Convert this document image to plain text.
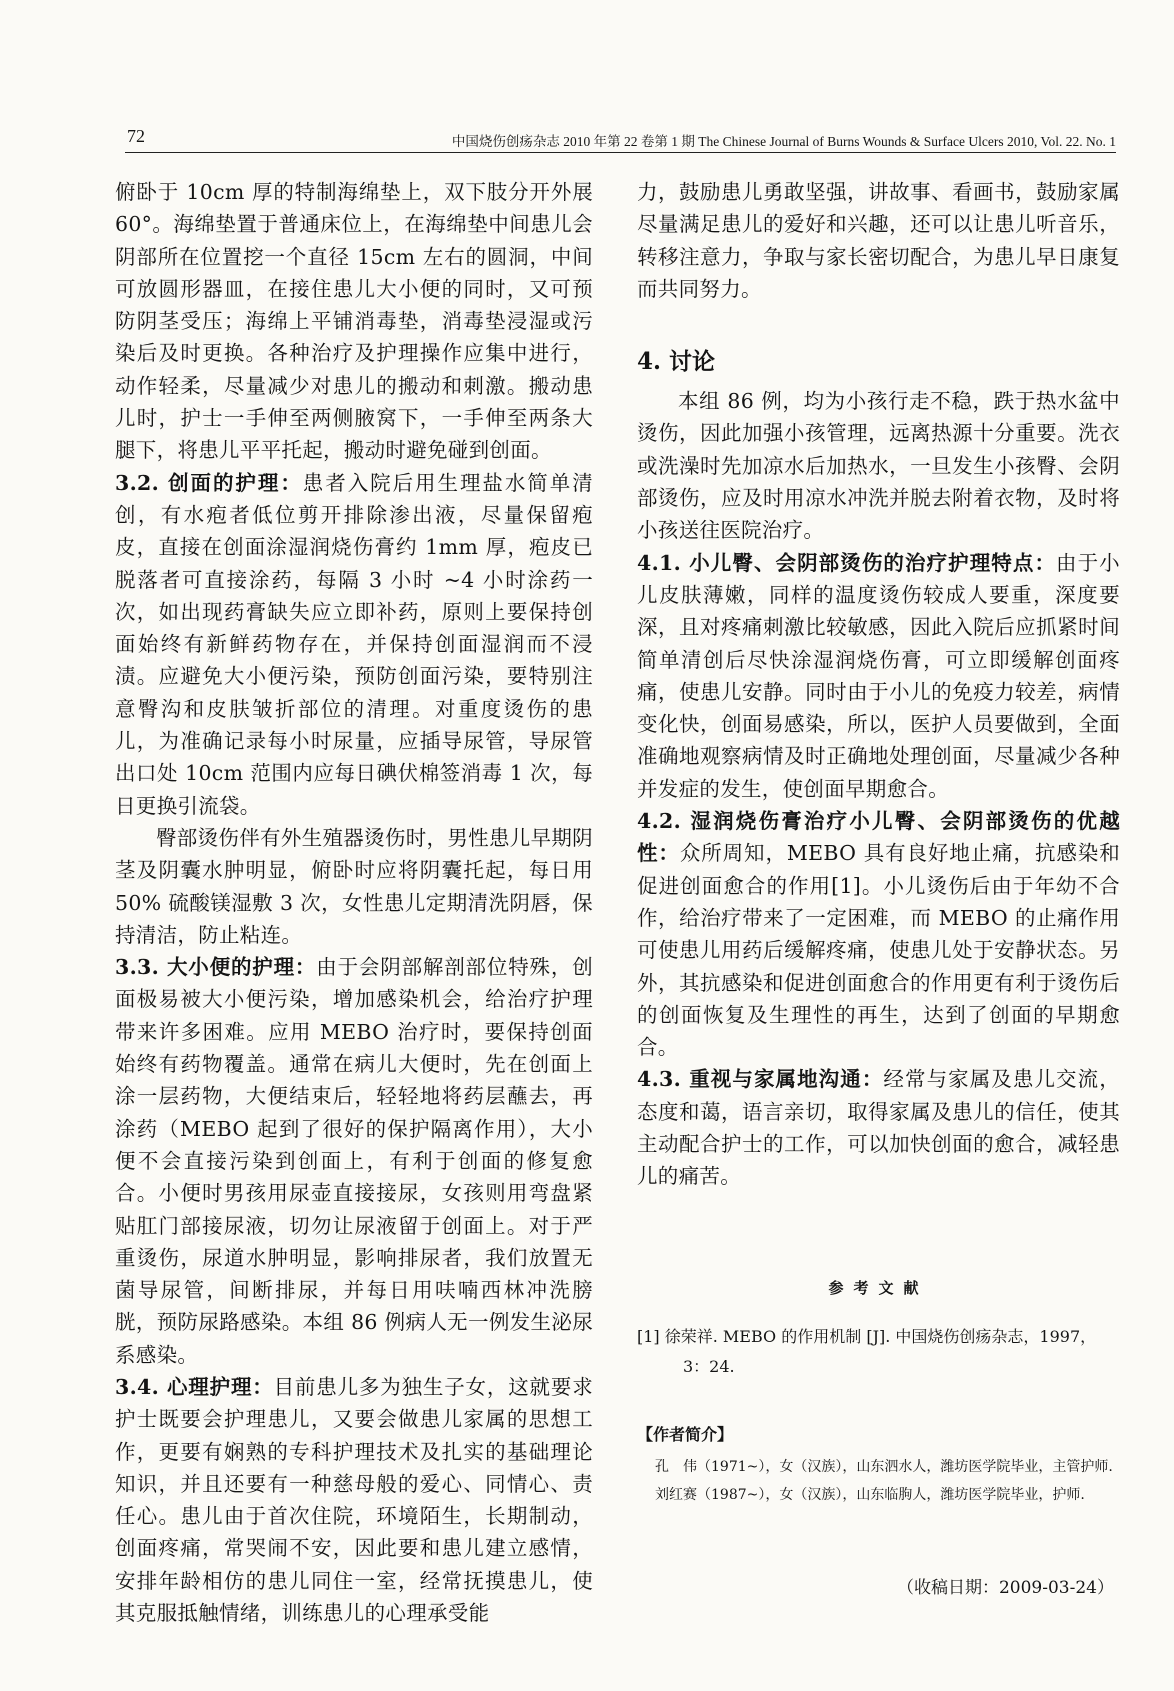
72	中国烧伤创疡杂志 2010 年第 22 卷第 1 期 The Chinese Journal of Burns Wounds & Surface Ulcers 2010, Vol. 22. No. 1

俯卧于 10cm 厚的特制海绵垫上，双下肢分开外展 60°。海绵垫置于普通床位上，在海绵垫中间患儿会阴部所在位置挖一个直径 15cm 左右的圆洞，中间可放圆形器皿，在接住患儿大小便的同时，又可预防阴茎受压；海绵上平铺消毒垫，消毒垫浸湿或污染后及时更换。各种治疗及护理操作应集中进行，动作轻柔，尽量减少对患儿的搬动和刺激。搬动患儿时，护士一手伸至两侧腋窝下，一手伸至两条大腿下，将患儿平平托起，搬动时避免碰到创面。

3.2. 创面的护理：患者入院后用生理盐水简单清创，有水疱者低位剪开排除渗出液，尽量保留疱皮，直接在创面涂湿润烧伤膏约 1mm 厚，疱皮已脱落者可直接涂药，每隔 3 小时 ~4 小时涂药一次，如出现药膏缺失应立即补药，原则上要保持创面始终有新鲜药物存在，并保持创面湿润而不浸渍。应避免大小便污染，预防创面污染，要特别注意臀沟和皮肤皱折部位的清理。对重度烫伤的患儿，为准确记录每小时尿量，应插导尿管，导尿管出口处 10cm 范围内应每日碘伏棉签消毒 1 次，每日更换引流袋。

臀部烫伤伴有外生殖器烫伤时，男性患儿早期阴茎及阴囊水肿明显，俯卧时应将阴囊托起，每日用 50% 硫酸镁湿敷 3 次，女性患儿定期清洗阴唇，保持清洁，防止粘连。

3.3. 大小便的护理：由于会阴部解剖部位特殊，创面极易被大小便污染，增加感染机会，给治疗护理带来许多困难。应用 MEBO 治疗时，要保持创面始终有药物覆盖。通常在病儿大便时，先在创面上涂一层药物，大便结束后，轻轻地将药层蘸去，再涂药（MEBO 起到了很好的保护隔离作用），大小便不会直接污染到创面上，有利于创面的修复愈合。小便时男孩用尿壶直接接尿，女孩则用弯盘紧贴肛门部接尿液，切勿让尿液留于创面上。对于严重烫伤，尿道水肿明显，影响排尿者，我们放置无菌导尿管，间断排尿，并每日用呋喃西林冲洗膀胱，预防尿路感染。本组 86 例病人无一例发生泌尿系感染。

3.4. 心理护理：目前患儿多为独生子女，这就要求护士既要会护理患儿，又要会做患儿家属的思想工作，更要有娴熟的专科护理技术及扎实的基础理论知识，并且还要有一种慈母般的爱心、同情心、责任心。患儿由于首次住院，环境陌生，长期制动，创面疼痛，常哭闹不安，因此要和患儿建立感情，安排年龄相仿的患儿同住一室，经常抚摸患儿，使其克服抵触情绪，训练患儿的心理承受能

力，鼓励患儿勇敢坚强，讲故事、看画书，鼓励家属尽量满足患儿的爱好和兴趣，还可以让患儿听音乐，转移注意力，争取与家长密切配合，为患儿早日康复而共同努力。

4. 讨论

本组 86 例，均为小孩行走不稳，跌于热水盆中烫伤，因此加强小孩管理，远离热源十分重要。洗衣或洗澡时先加凉水后加热水，一旦发生小孩臀、会阴部烫伤，应及时用凉水冲洗并脱去附着衣物，及时将小孩送往医院治疗。

4.1. 小儿臀、会阴部烫伤的治疗护理特点：由于小儿皮肤薄嫩，同样的温度烫伤较成人要重，深度要深，且对疼痛刺激比较敏感，因此入院后应抓紧时间简单清创后尽快涂湿润烧伤膏，可立即缓解创面疼痛，使患儿安静。同时由于小儿的免疫力较差，病情变化快，创面易感染，所以，医护人员要做到，全面准确地观察病情及时正确地处理创面，尽量减少各种并发症的发生，使创面早期愈合。

4.2. 湿润烧伤膏治疗小儿臀、会阴部烫伤的优越性：众所周知，MEBO 具有良好地止痛，抗感染和促进创面愈合的作用[1]。小儿烫伤后由于年幼不合作，给治疗带来了一定困难，而 MEBO 的止痛作用可使患儿用药后缓解疼痛，使患儿处于安静状态。另外，其抗感染和促进创面愈合的作用更有利于烫伤后的创面恢复及生理性的再生，达到了创面的早期愈合。

4.3. 重视与家属地沟通：经常与家属及患儿交流，态度和蔼，语言亲切，取得家属及患儿的信任，使其主动配合护士的工作，可以加快创面的愈合，减轻患儿的痛苦。

参考文献
[1] 徐荣祥. MEBO 的作用机制 [J]. 中国烧伤创疡杂志，1997，3：24.
【作者简介】
孔　伟（1971~），女（汉族），山东泗水人，潍坊医学院毕业，主管护师.
刘红赛（1987~），女（汉族），山东临朐人，潍坊医学院毕业，护师.
（收稿日期：2009-03-24）
